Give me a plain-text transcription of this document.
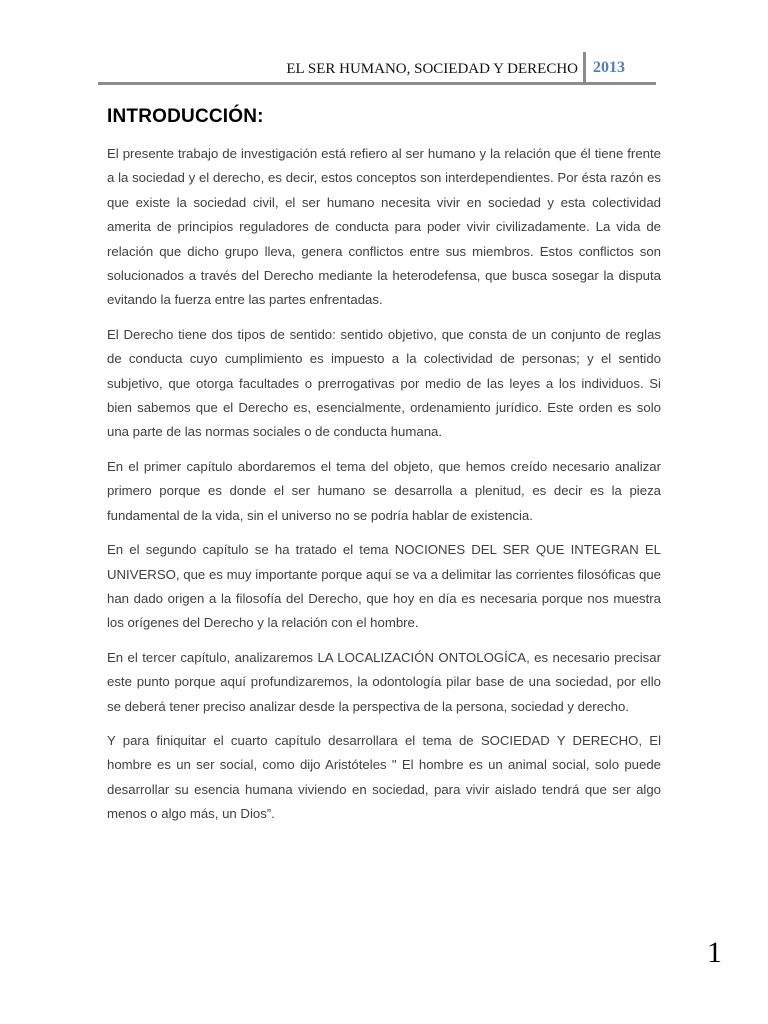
EL SER HUMANO, SOCIEDAD Y DERECHO 2013
INTRODUCCIÓN:

El presente trabajo de investigación está refiero al ser humano y la relación que él tiene frente a la sociedad y el derecho, es decir, estos conceptos son interdependientes. Por ésta razón es que existe la sociedad civil, el ser humano necesita vivir en sociedad y esta colectividad amerita de principios reguladores de conducta para poder vivir civilizadamente. La vida de relación que dicho grupo lleva, genera conflictos entre sus miembros. Estos conflictos son solucionados a través del Derecho mediante la heterodefensa, que busca sosegar la disputa evitando la fuerza entre las partes enfrentadas.

El Derecho tiene dos tipos de sentido: sentido objetivo, que consta de un conjunto de reglas de conducta cuyo cumplimiento es impuesto a la colectividad de personas; y el sentido subjetivo, que otorga facultades o prerrogativas por medio de las leyes a los individuos. Si bien sabemos que el Derecho es, esencialmente, ordenamiento jurídico. Este orden es solo una parte de las normas sociales o de conducta humana.

En el primer capítulo abordaremos el tema del objeto, que hemos creído necesario analizar primero porque es donde el ser humano se desarrolla a plenitud, es decir es la pieza fundamental de la vida, sin el universo no se podría hablar de existencia.

En el segundo capítulo se ha tratado el tema NOCIONES DEL SER QUE INTEGRAN EL UNIVERSO, que es muy importante porque aquí se va a delimitar las corrientes filosóficas que han dado origen a la filosofía del Derecho, que hoy en día es necesaria porque nos muestra los orígenes del Derecho y la relación con el hombre.

En el tercer capítulo, analizaremos LA LOCALIZACIÓN ONTOLOGÍCA, es necesario precisar este punto porque aquí profundizaremos, la odontología pilar base de una sociedad, por ello se deberá tener preciso analizar desde la perspectiva de la persona, sociedad y derecho.

Y para finiquitar el cuarto capítulo desarrollara el tema de SOCIEDAD Y DERECHO, El hombre es un ser social, como dijo Aristóteles " El hombre es un animal social, solo puede desarrollar su esencia humana viviendo en sociedad, para vivir aislado tendrá que ser algo menos o algo más, un Dios”.

1
